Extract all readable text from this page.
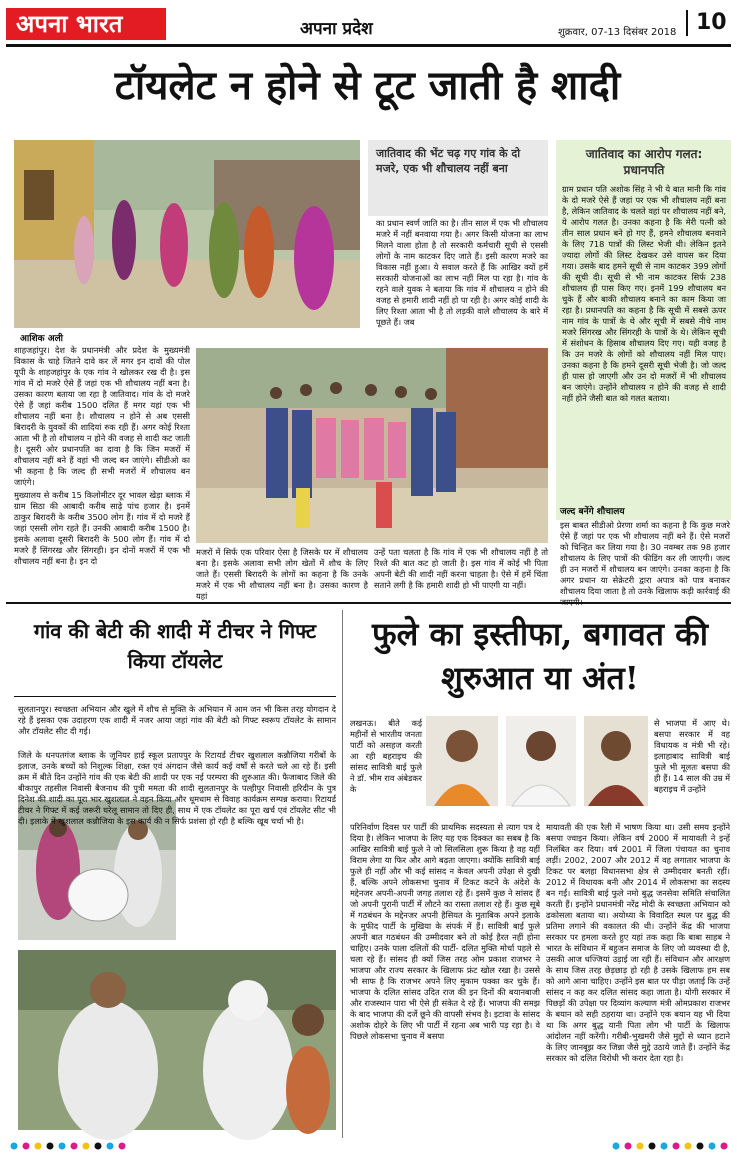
अपना भारत	अपना प्रदेश	शुक्रवार, 07-13 दिसंबर 2018 10
टॉयलेट न होने से टूट जाती है शादी
आशिक अली
जातिवाद की भेंट चढ़ गए गांव के दो मजरे, एक भी शौचालय नहीं बना

का प्रधान स्वर्ण जाति का है। तीन साल में एक भी शौचालय मजरे में नहीं बनवाया गया है। अगर किसी योजना का लाभ मिलने वाला होता है तो सरकारी कर्मचारी सूची से एससी लोगों के नाम काटकर दिए जाते हैं। इसी कारण मजरे का विकास नहीं हुआ। ये सवाल करते हैं कि आखिर क्यों हमें सरकारी योजनाओं का लाभ नहीं मिल पा रहा है। गांव के रहने वाले युवक ने बताया कि गांव में शौचालय न होने की वजह से हमारी शादी नहीं हो पा रही है। अगर कोई शादी के लिए रिश्ता आता भी है तो लड़की वाले शौचालय के बारे में पूछते हैं। जब

शाहजहांपुर। देश के प्रधानमंत्री और प्रदेश के मुख्यमंत्री विकास के चाहे जितने दावे कर लें मगर इन दावों की पोल यूपी के शाहजहांपुर के एक गांव ने खोलकर रख दी है। इस गांव में दो मजरे ऐसे हैं जहां एक भी शौचालय नहीं बना है। उसका कारण बताया जा रहा है जातिवाद। गांव के दो मजरे ऐसे हैं जहां करीब 1500 दलित हैं मगर यहां एक भी शौचालय नहीं बना है। शौचालय न होने से अब एससी बिरादरी के युवकों की शादियां रुक रही हैं। अगर कोई रिश्ता आता भी है तो शौचालय न होने की वजह से शादी कट जाती है। दूसरी ओर प्रधानपति का दावा है कि जिन मजरों में शौचालय नहीं बने हैं वहां भी जल्द बन जाएंगे। सीडीओ का भी कहना है कि जल्द ही सभी मजरों में शौचालय बन जाएंगे।

मुख्यालय से करीब 15 किलोमीटर दूर भावल खेड़ा ब्लाक में ग्राम सिठा की आबादी करीब साढ़े पांच हजार है। इनमें ठाकुर बिरादरी के करीब 3500 लोग हैं। गांव में दो मजरे हैं जहां एससी लोग रहते हैं। उनकी आबादी करीब 1500 है। इसके अलावा दूसरी बिरादरी के 500 लोग हैं। गांव में दो मजरे हैं सिंगरख और सिंगरही। इन दोनों मजरों में एक भी शौचालय नहीं बना है। इन दो

मजरों में सिर्फ एक परिवार ऐसा है जिसके घर में शौचालय बना है। इसके अलावा सभी लोग खेतों में शौच के लिए जाते हैं। एससी बिरादरी के लोगों का कहना है कि उनके मजरे में एक भी शौचालय नहीं बना है। उसका कारण है यहां

उन्हें पता चलता है कि गांव में एक भी शौचालय नहीं है तो रिश्ते की बात कट हो जाती है। इस गांव में कोई भी पिता अपनी बेटी की शादी नहीं करना चाहता है। ऐसे में हमें चिंता सताने लगी है कि हमारी शादी हो भी पाएगी या नहीं।

जातिवाद का आरोप गलत: प्रधानपति

ग्राम प्रधान पति अशोक सिंह ने भी ये बात मानी कि गांव के दो मजरे ऐसे हैं जहां पर एक भी शौचालय नहीं बना है, लेकिन जातिवाद के चलते वहां पर शौचालय नहीं बने, ये आरोप गलत है। उनका कहना है कि मेरी पत्नी को तीन साल प्रधान बने हो गए हैं, हमने शौचालय बनवाने के लिए 718 पात्रों की लिस्ट भेजी थी। लेकिन इतने ज्यादा लोगों की लिस्ट देखकर उसे वापस कर दिया गया। उसके बाद हमने सूची से नाम काटकर 399 लोगों की सूची दी। सूची से भी नाम काटकर सिर्फ 238 शौचालय ही पास किए गए। इनमें 199 शौचालय बन चुके हैं और बाकी शौचालय बनाने का काम किया जा रहा है। प्रधानपति का कहना है कि सूची में सबसे ऊपर नाम गांव के पात्रों के थे और सूची में सबसे नीचे नाम मजरे सिंगरख और सिंगरही के पात्रों के थे। लेकिन सूची में संशोधन के हिसाब शौचालय दिए गए। यही वजह है कि उन मजरे के लोगों को शौचालय नहीं मिल पाए। उनका कहना है कि हमने दूसरी सूची भेजी है। जो जल्द ही पास हो जाएगी और उन दो मजरों में भी शौचालय बन जाएंगे। उन्होंने शौचालय न होने की वजह से शादी नहीं होने जैसी बात को गलत बताया।

जल्द बनेंगे शौचालय

इस बाबत सीडीओ प्रेरणा शर्मा का कहना है कि कुछ मजरे ऐसे हैं जहां पर एक भी शौचालय नहीं बने हैं। ऐसे मजरों को चिन्हित कर लिया गया है। 30 नवम्बर तक 98 हजार शौचालय के लिए पात्रों की फीडिंग कर ली जाएगी। जल्द ही उन मजरों में शौचालय बन जाएंगे। उनका कहना है कि अगर प्रधान या सेक्रेटरी द्वारा अपात्र को पात्र बनाकर शौचालय दिया जाता है तो उनके खिलाफ कड़ी कार्रवाई की

गांव की बेटी की शादी में टीचर ने गिफ्ट किया टॉयलेट

सुलतानपुर। स्वच्छता अभियान और खुले में शौच से मुक्ति के अभियान में आम जन भी किस तरह योगदान दे रहे हैं इसका एक उदाहरण एक शादी में नजर आया जहां गांव की बेटी को गिफ्ट स्वरूप टॉयलेट के सामान और टॉयलेट सीट दी गई।

जिले के धनपतगंज ब्लाक के जूनियर हाई स्कूल प्रतापपुर के रिटायर्ड टीचर खुशलाल कन्नौजिया गरीबों के इलाज, उनके बच्चों को निशुल्क शिक्षा, रक्त एवं अंगदान जैसे कार्य कई वर्षों से करते चले आ रहे हैं। इसी क्रम में बीते दिन उन्होंने गांव की एक बेटी की शादी पर एक नई परम्परा की शुरुआत की। फैजाबाद जिले की बीकापुर तहसील निवासी बैजनाथ की पुत्री ममता की शादी सुलतानपुर के पल्हीपुर निवासी हरिदीन के पुत्र दिनेश की शादी का पूरा भार खुशलाल ने वहन किया और धूमधाम से विवाह कार्यक्रम सम्पन्न कराया। रिटायर्ड टीचर ने गिफ्ट में कई जरूरी घरेलू सामान तो दिए ही, साथ में एक टॉयलेट का पूरा खर्च एवं टॉयलेट सीट भी दी। इलाके में खुशलाल कन्नौजिया के इस कार्य की न सिर्फ प्रशंसा हो रही है बल्कि खूब चर्चा भी है।

फुले का इस्तीफा, बगावत की शुरुआत या अंत!

लखनऊ। बीते कई महीनों से भारतीय जनता पार्टी को असहज करती आ रही बहराइच की सांसद सावित्री बाई फुले ने डॉ. भीम राव अंबेडकर के

से भाजपा में आए थे। बसपा सरकार में वह विधायक व मंत्री भी रहे। इलाहाबाद सावित्री बाई फुले भी मूलतः बसपा की ही हैं। 14 साल की उम्र में बहराइच में उन्होंने

परिनिर्वाण दिवस पर पार्टी की प्राथमिक सदस्यता से त्याग पत्र दे दिया है। लेकिन भाजपा के लिए यह एक दिक्कत का सबब है कि आखिर सावित्री बाई फुले ने जो सिलसिला शुरू किया है वह यहीं विराम लेगा या फिर और आगे बढ़ता जाएगा। क्योंकि सावित्री बाई फुले ही नहीं और भी कई सांसद न केवल अपनी उपेक्षा से दुखी हैं, बल्कि अपने लोकसभा चुनाव में टिकट कटने के अंदेशे के मद्देनजर अपनी-अपनी जगह तलाश रहे हैं। इसमें कुछ ने सांसद हैं जो अपनी पुरानी पार्टी में लौटने का रास्ता तलाश रहे हैं। कुछ सूबे में गठबंधन के मद्देनजर अपनी हैसियत के मुताबिक अपने इलाके के मुफीद पार्टी के मुखिया के संपर्क में हैं। सावित्री बाई फुले अपनी बात गठबंधन की उम्मीदवार बने तो कोई हैरत नहीं होना चाहिए। उनके पाला दलितों की पार्टी- दलित मुक्ति मोर्चा पहले से चला रहे हैं। सांसद ही क्यों जिस तरह ओम प्रकाश राजभर ने भाजपा और राज्य सरकार के खिलाफ फ्रंट खोल रखा है। उससे भी साफ है कि राजभर अपने लिए मुकाम पक्का कर चुके हैं। भाजपा के दलित सांसद उदित राज की इन दिनों की बयानबाजी और राजस्थान पारा भी ऐसे ही संकेत दे रहे हैं। भाजपा की समझ के बाद भाजपा की दर्जे छूने की वापसी संभव है। इटावा के सांसद अशोक दोहरे के लिए भी पार्टी में रहना अब भारी पड़ रहा है। वे पिछले लोकसभा चुनाव में बसपा

मायावती की एक रैली में भाषण किया था। उसी समय इन्होंने बसपा ज्वाइन किया। लेकिन वर्ष 2000 में मायावती ने इन्हें निलंबित कर दिया। वर्ष 2001 में जिला पंचायत का चुनाव लड़ीं। 2002, 2007 और 2012 में वह लगातार भाजपा के टिकट पर बलहा विधानसभा क्षेत्र से उम्मीदवार बनती रहीं। 2012 में विधायक बनी और 2014 में लोकसभा का सदस्य बन गईं। सावित्री बाई फुले नमो बुद्ध जनसेवा समिति संचालित करती हैं। इन्होंने प्रधानमंत्री नरेंद्र मोदी के स्वच्छता अभियान को ढकोसला बताया था। अयोध्या के विवादित स्थल पर बुद्ध की प्रतिमा लगाने की वकालत की थी। उन्होंने केंद्र की भाजपा सरकार पर हमला करते हुए यहां तक कहा कि बाबा साहब ने भारत के संविधान में बहुजन समाज के लिए जो व्यवस्था दी है, उसकी आज धज्जियां उड़ाई जा रही हैं। संविधान और आरक्षण के साथ जिस तरह छेड़छाड़ हो रही है उसके खिलाफ हम सब को आगे आना चाहिए। उन्होंने इस बात पर पीड़ा जताई कि उन्हें सांसद न कह कर दलित सांसद कहा जाता है। योगी सरकार में पिछड़ों की उपेक्षा पर दिव्यांग कल्याण मंत्री ओमप्रकाश राजभर के बयान को सही ठहराया था। उन्होंने एक बयान यह भी दिया था कि अगर बुद्ध यानी पिता लोग भी पार्टी के खिलाफ आंदोलन नहीं करेंगी। गरीबी-भुखमरी जैसे मुद्दों से ध्यान हटाने के लिए जानबूझ कर जिन्ना जैसे मुद्दे उठाये जाते हैं। उन्होंने केंद्र सरकार को दलित विरोधी भी करार देता रहा है।
